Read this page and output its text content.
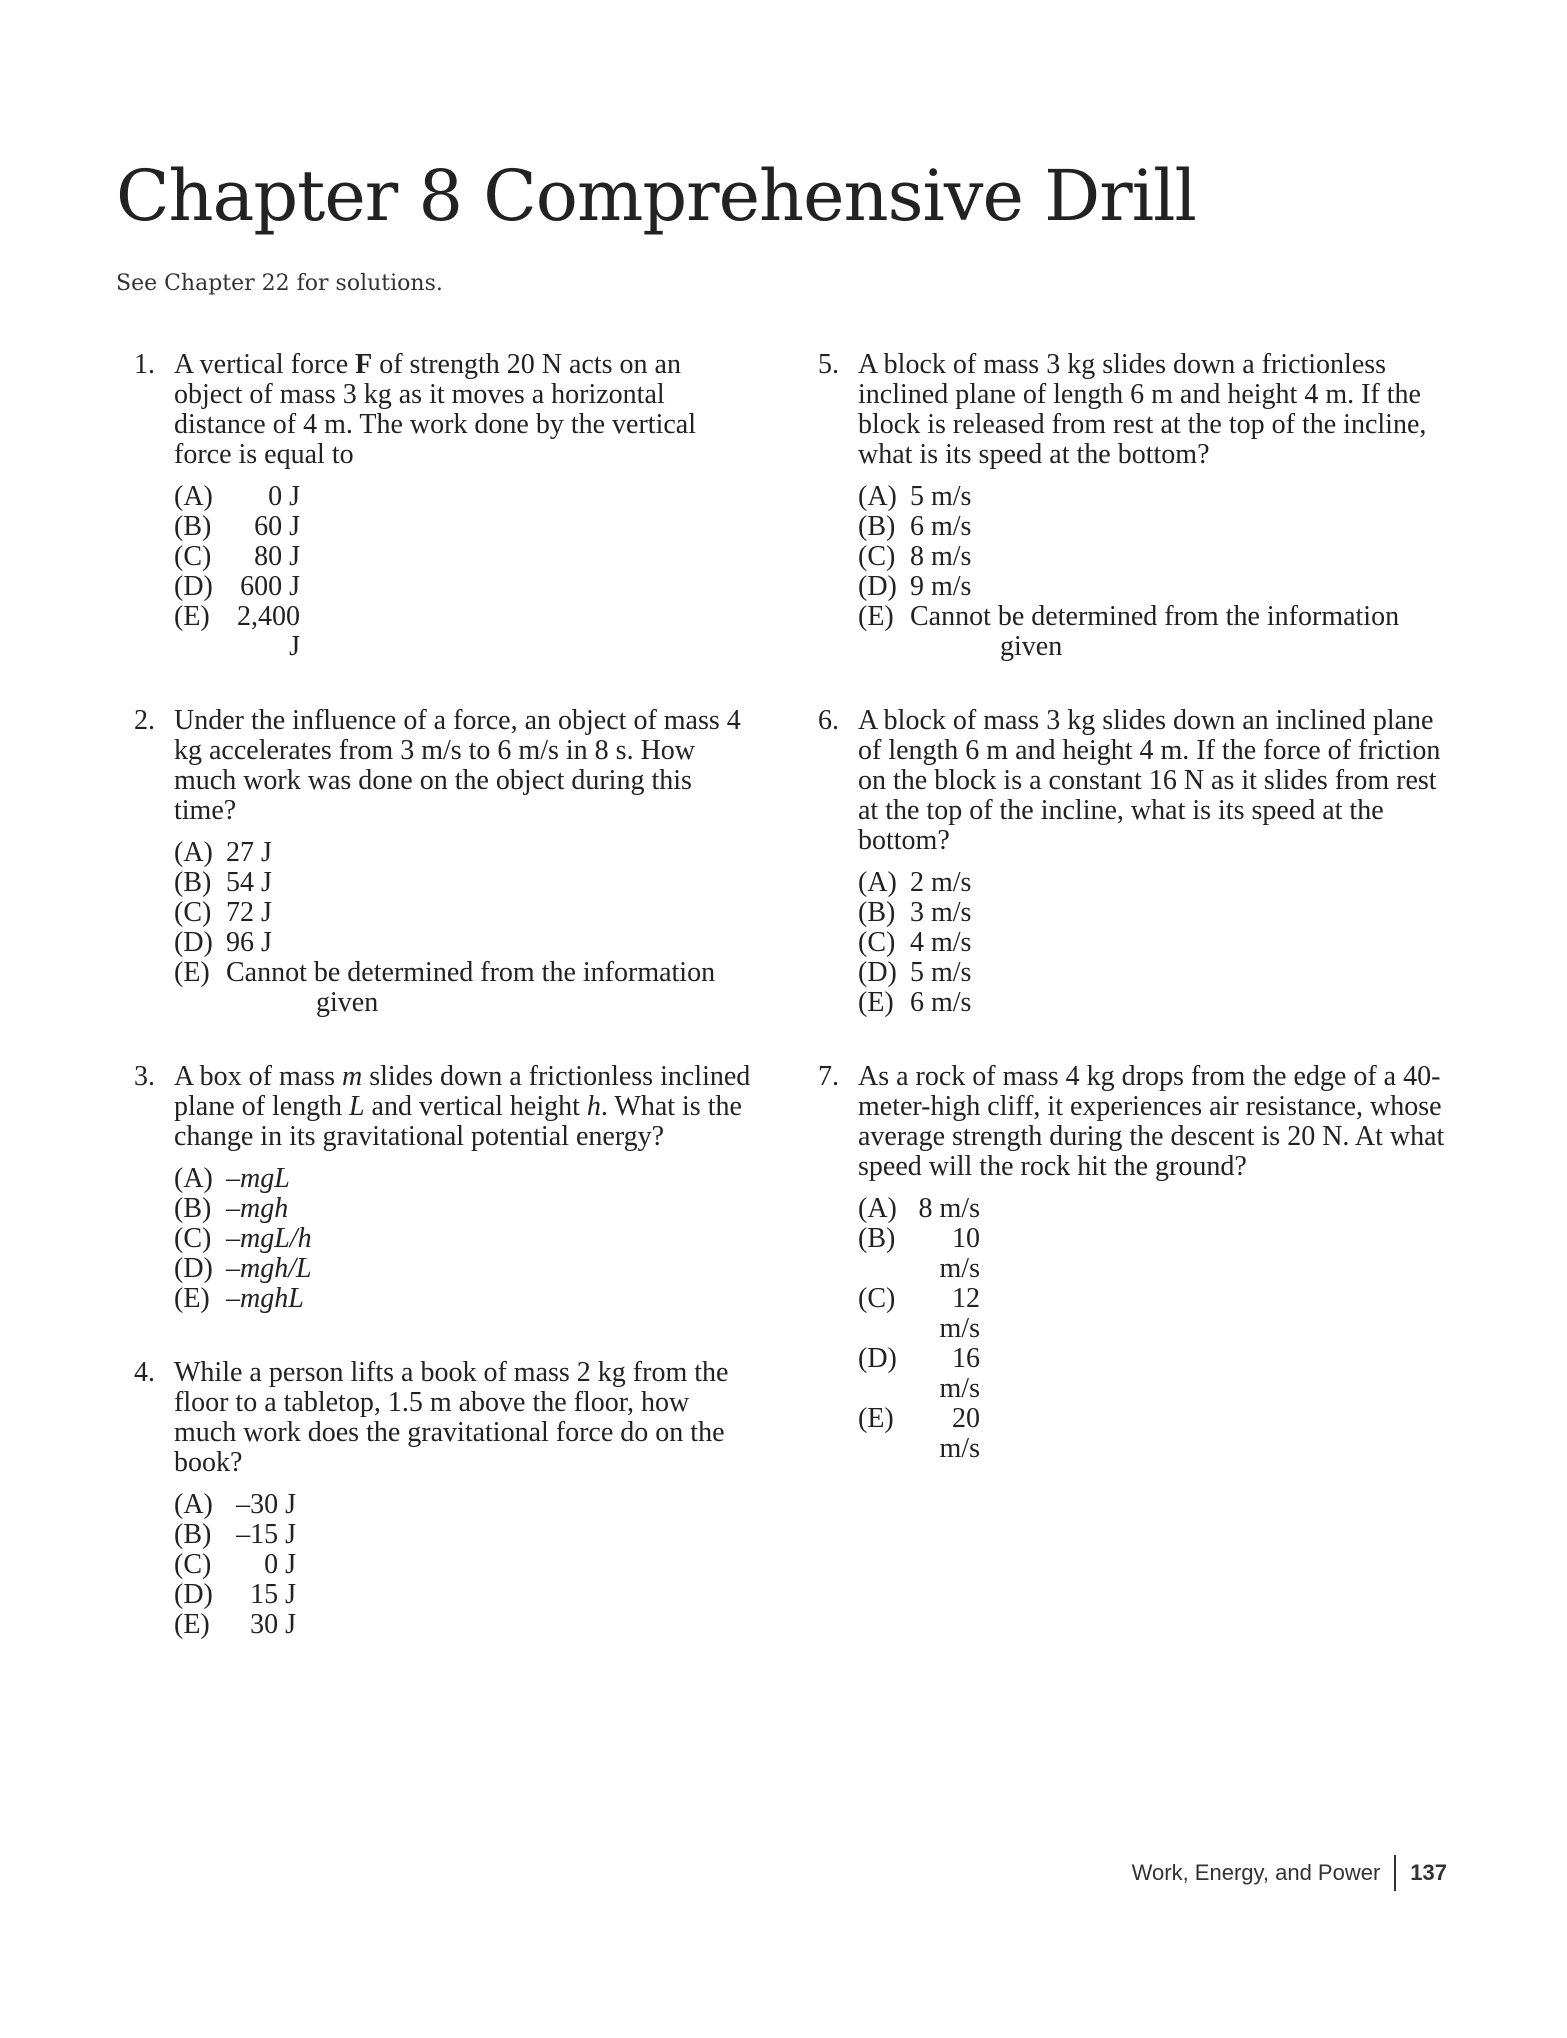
Chapter 8 Comprehensive Drill

See Chapter 22 for solutions.

1. A vertical force F of strength 20 N acts on an object of mass 3 kg as it moves a horizontal distance of 4 m. The work done by the vertical force is equal to

(A)	0 J
(B)	60 J
(C)	80 J
(D) 600 J
(E) 2,400 J
2. Under the influence of a force, an object of mass 4 kg accelerates from 3 m/s to 6 m/s in 8 s. How much work was done on the object during this time?

(A) 27 J
(B) 54 J
(C) 72 J
(D) 96 J
(E) Cannot be determined from the information
given
3. A box of mass m slides down a frictionless inclined plane of length L and vertical height h. What is the change in its gravitational potential energy?

(A) –mgL
(B) –mgh
(C) –mgL/h
(D) –mgh/L
(E) –mghL
4. While a person lifts a book of mass 2 kg from the floor to a tabletop, 1.5 m above the floor, how much work does the gravitational force do on the book?

(A) –30 J
(B) –15 J
(C)	0 J
(D)	15 J
(E)	30 J
5. A block of mass 3 kg slides down a frictionless inclined plane of length 6 m and height 4 m. If the block is released from rest at the top of the incline, what is its speed at the bottom?

(A) 5 m/s
(B) 6 m/s
(C) 8 m/s
(D) 9 m/s
(E) Cannot be determined from the information
given
6. A block of mass 3 kg slides down an inclined plane of length 6 m and height 4 m. If the force of friction on the block is a constant 16 N as it slides from rest at the top of the incline, what is its speed at the bottom?

(A) 2 m/s
(B) 3 m/s
(C) 4 m/s
(D) 5 m/s
(E) 6 m/s
7. As a rock of mass 4 kg drops from the edge of a 40-meter-high cliff, it experiences air resistance, whose average strength during the descent is 20 N. At what speed will the rock hit the ground?

(A) 8 m/s
(B)	10 m/s
(C)	12 m/s
(D)	16 m/s
(E)	20 m/s
Work, Energy, and Power 137
